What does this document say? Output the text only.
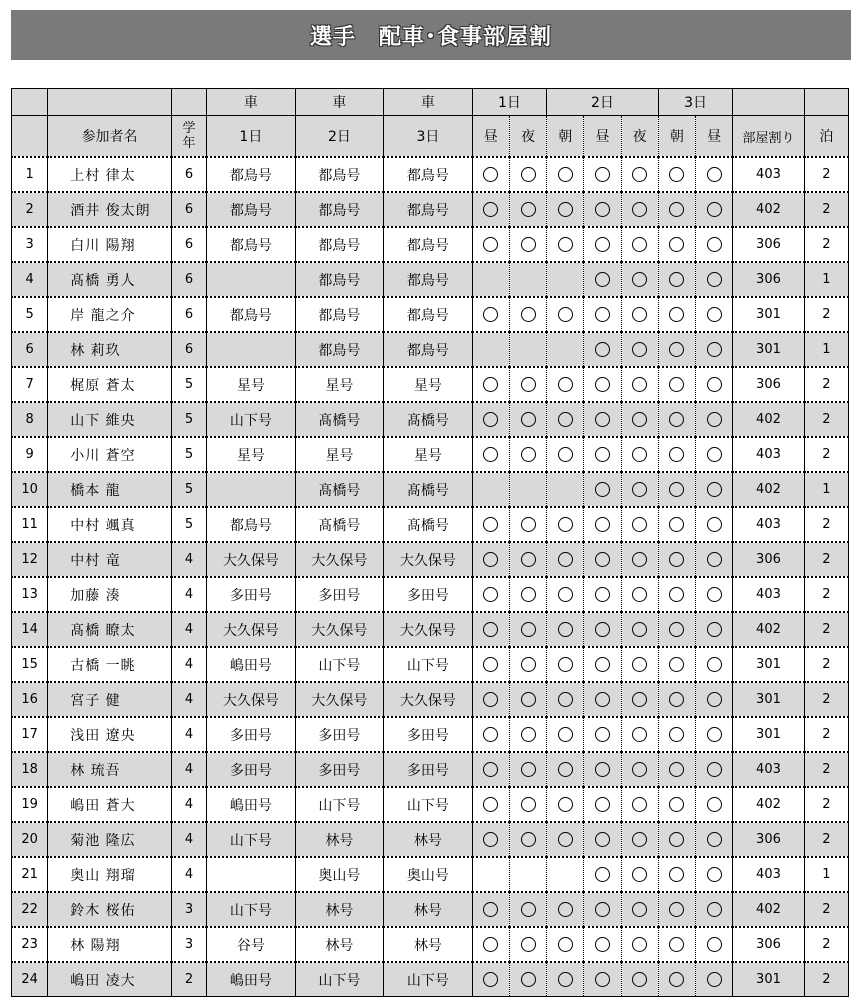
選手　配車･食事部屋割
			車	車	車	1日		2日			3日			
	参加者名	学年	1日	2日	3日	昼	夜	朝	昼	夜	朝	昼	部屋割り	泊
1	上村 律太	6	都鳥号	都鳥号	都鳥号								403	2
2	酒井 俊太朗	6	都鳥号	都鳥号	都鳥号								402	2
3	白川 陽翔	6	都鳥号	都鳥号	都鳥号								306	2
4	髙橋 勇人	6		都鳥号	都鳥号								306	1
5	岸 龍之介	6	都鳥号	都鳥号	都鳥号								301	2
6	林 莉玖	6		都鳥号	都鳥号								301	1
7	梶原 蒼太	5	星号	星号	星号								306	2
8	山下 維央	5	山下号	髙橋号	髙橋号								402	2
9	小川 蒼空	5	星号	星号	星号								403	2
10	橋本 龍	5		髙橋号	髙橋号								402	1
11	中村 颯真	5	都鳥号	髙橋号	髙橋号								403	2
12	中村 竜	4	大久保号	大久保号	大久保号								306	2
13	加藤 湊	4	多田号	多田号	多田号								403	2
14	髙橋 瞭太	4	大久保号	大久保号	大久保号								402	2
15	古橋 一眺	4	嶋田号	山下号	山下号								301	2
16	宮子 健	4	大久保号	大久保号	大久保号								301	2
17	浅田 遼央	4	多田号	多田号	多田号								301	2
18	林 琉吾	4	多田号	多田号	多田号								403	2
19	嶋田 蒼大	4	嶋田号	山下号	山下号								402	2
20	菊池 隆広	4	山下号	林号	林号								306	2
21	奥山 翔瑠	4		奥山号	奥山号								403	1
22	鈴木 桜佑	3	山下号	林号	林号								402	2
23	林 陽翔	3	谷号	林号	林号								306	2
24	嶋田 凌大	2	嶋田号	山下号	山下号								301	2
